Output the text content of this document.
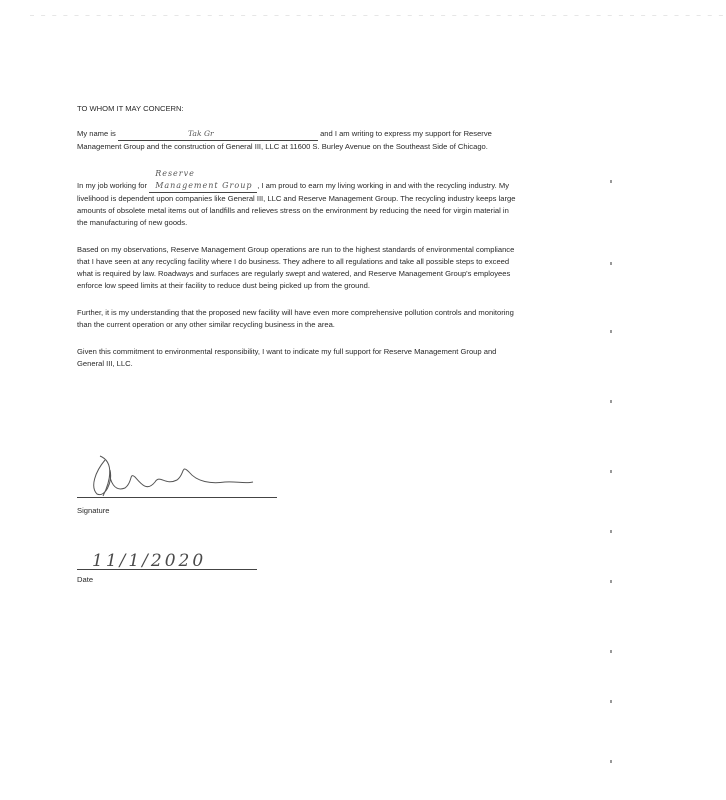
— — — — — — — — — — — — — — — — — — — — — — — — — — — — — — — — — — — — — — — — — — — — — — — — — — — — — — — — — — — — — — —

TO WHOM IT MAY CONCERN:

My name is	Tak Gr	and I am writing to express my support for Reserve Management Group and the construction of General III, LLC at 11600 S. Burley Avenue on the Southeast Side of Chicago.

In my job working for Reserve Management Group , I am proud to earn my living working in and with the recycling industry. My livelihood is dependent upon companies like General III, LLC and Reserve Management Group. The recycling industry keeps large amounts of obsolete metal items out of landfills and relieves stress on the environment by reducing the need for virgin material in the manufacturing of new goods.

Based on my observations, Reserve Management Group operations are run to the highest standards of environmental compliance that I have seen at any recycling facility where I do business. They adhere to all regulations and take all possible steps to exceed what is required by law. Roadways and surfaces are regularly swept and watered, and Reserve Management Group's employees enforce low speed limits at their facility to reduce dust being picked up from the ground.

Further, it is my understanding that the proposed new facility will have even more comprehensive pollution controls and monitoring than the current operation or any other similar recycling business in the area.

Given this commitment to environmental responsibility, I want to indicate my full support for Reserve Management Group and General III, LLC.

Signature
11/1/2020
Date
